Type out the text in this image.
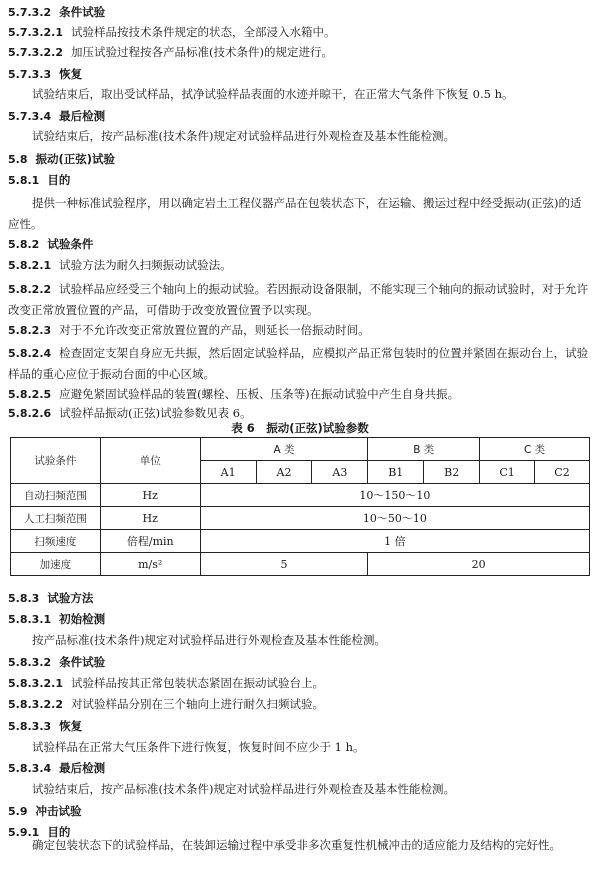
5.7.3.2 条件试验
5.7.3.2.1 试验样品按技术条件规定的状态，全部浸入水箱中。
5.7.3.2.2 加压试验过程按各产品标准(技术条件)的规定进行。
5.7.3.3 恢复
试验结束后，取出受试样品，拭净试验样品表面的水迹并晾干，在正常大气条件下恢复 0.5 h。
5.7.3.4 最后检测
试验结束后，按产品标准(技术条件)规定对试验样品进行外观检查及基本性能检测。
5.8 振动(正弦)试验
5.8.1 目的
提供一种标准试验程序，用以确定岩土工程仪器产品在包装状态下，在运输、搬运过程中经受振动(正弦)的适应性。
5.8.2 试验条件
5.8.2.1 试验方法为耐久扫频振动试验法。
5.8.2.2 试验样品应经受三个轴向上的振动试验。若因振动设备限制，不能实现三个轴向的振动试验时，对于允许改变正常放置位置的产品，可借助于改变放置位置予以实现。
5.8.2.3 对于不允许改变正常放置位置的产品，则延长一倍振动时间。
5.8.2.4 检查固定支架自身应无共振，然后固定试验样品，应模拟产品正常包装时的位置并紧固在振动台上，试验样品的重心应位于振动台面的中心区域。
5.8.2.5 应避免紧固试验样品的装置(螺栓、压板、压条等)在振动试验中产生自身共振。
5.8.2.6 试验样品振动(正弦)试验参数见表 6。
表 6　振动(正弦)试验参数
试验条件	单位	A 类			B 类		C 类	
		A1	A2	A3	B1	B2	C1	C2
自动扫频范围	Hz	10～150～10						
人工扫频范围	Hz	10～50～10						
扫频速度	倍程/min	1 倍						
加速度	m/s²	5			20			
5.8.3 试验方法
5.8.3.1 初始检测
按产品标准(技术条件)规定对试验样品进行外观检查及基本性能检测。
5.8.3.2 条件试验
5.8.3.2.1 试验样品按其正常包装状态紧固在振动试验台上。
5.8.3.2.2 对试验样品分别在三个轴向上进行耐久扫频试验。
5.8.3.3 恢复
试验样品在正常大气压条件下进行恢复，恢复时间不应少于 1 h。
5.8.3.4 最后检测
试验结束后，按产品标准(技术条件)规定对试验样品进行外观检查及基本性能检测。
5.9 冲击试验
5.9.1 目的
确定包装状态下的试验样品，在装卸运输过程中承受非多次重复性机械冲击的适应能力及结构的完好性。
